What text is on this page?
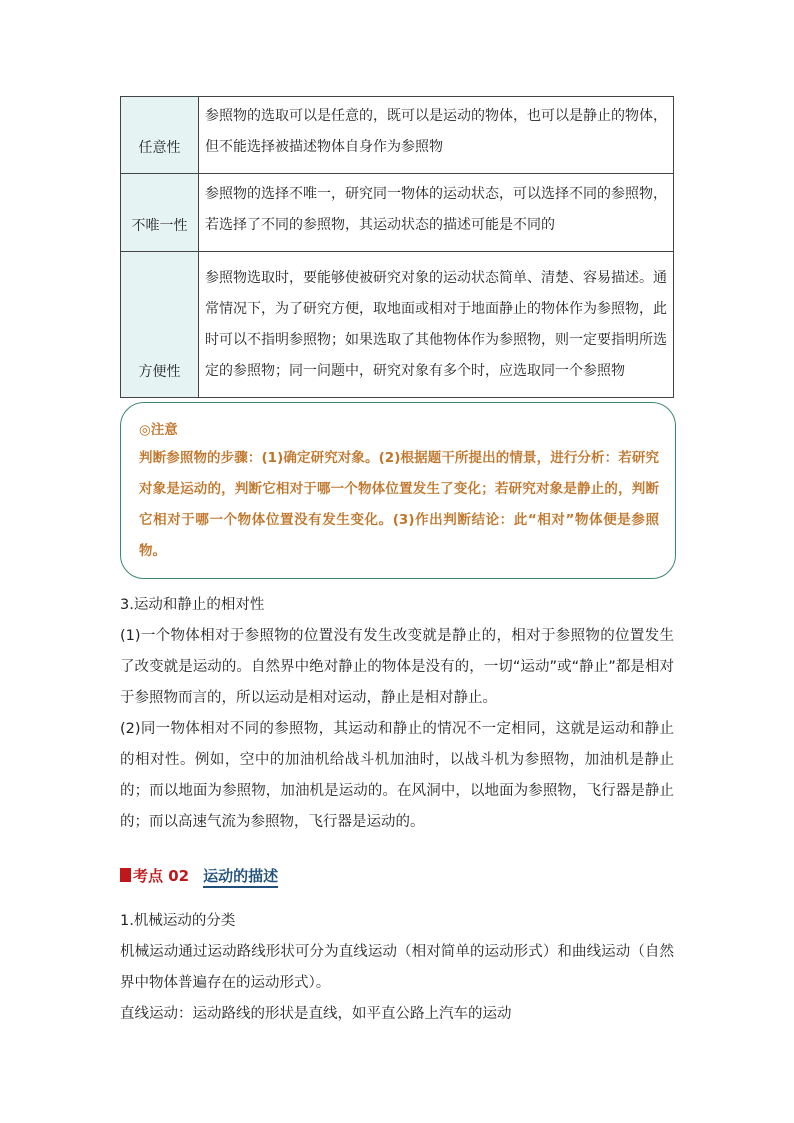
任意性	参照物的选取可以是任意的，既可以是运动的物体，也可以是静止的物体，但不能选择被描述物体自身作为参照物
不唯一性	参照物的选择不唯一，研究同一物体的运动状态，可以选择不同的参照物，若选择了不同的参照物，其运动状态的描述可能是不同的
方便性	参照物选取时，要能够使被研究对象的运动状态简单、清楚、容易描述。通常情况下，为了研究方便，取地面或相对于地面静止的物体作为参照物，此时可以不指明参照物；如果选取了其他物体作为参照物，则一定要指明所选定的参照物；同一问题中，研究对象有多个时，应选取同一个参照物
◎注意
判断参照物的步骤：(1)确定研究对象。(2)根据题干所提出的情景，进行分析：若研究对象是运动的，判断它相对于哪一个物体位置发生了变化；若研究对象是静止的，判断它相对于哪一个物体位置没有发生变化。(3)作出判断结论：此“相对”物体便是参照物。
3.运动和静止的相对性
(1)一个物体相对于参照物的位置没有发生改变就是静止的，相对于参照物的位置发生了改变就是运动的。自然界中绝对静止的物体是没有的，一切“运动”或“静止”都是相对于参照物而言的，所以运动是相对运动，静止是相对静止。
(2)同一物体相对不同的参照物，其运动和静止的情况不一定相同，这就是运动和静止的相对性。例如，空中的加油机给战斗机加油时，以战斗机为参照物，加油机是静止的；而以地面为参照物，加油机是运动的。在风洞中，以地面为参照物，飞行器是静止的；而以高速气流为参照物，飞行器是运动的。
考点 02 运动的描述
1.机械运动的分类
机械运动通过运动路线形状可分为直线运动（相对简单的运动形式）和曲线运动（自然界中物体普遍存在的运动形式）。
直线运动：运动路线的形状是直线，如平直公路上汽车的运动
